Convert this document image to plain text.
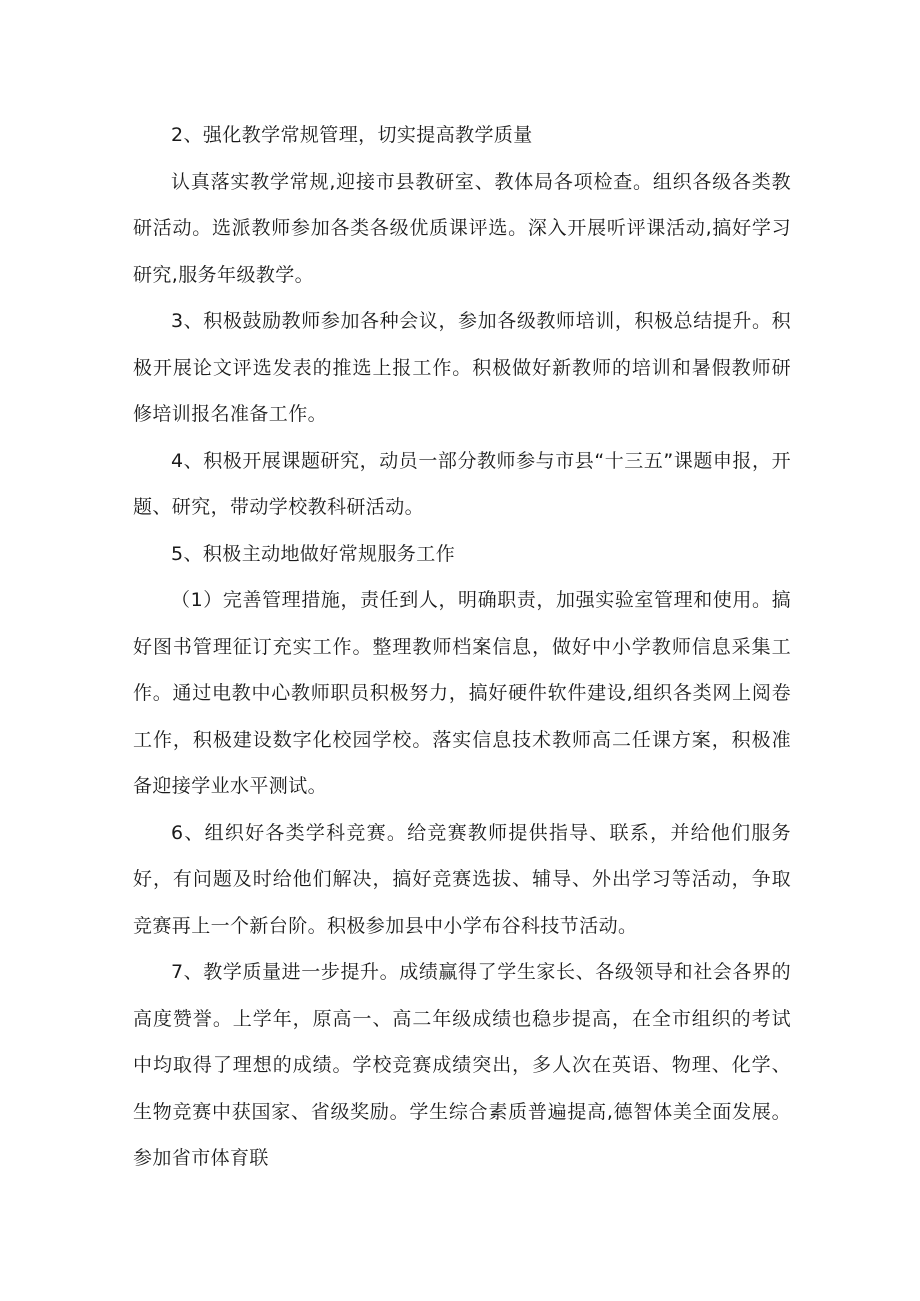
2、强化教学常规管理，切实提高教学质量

认真落实教学常规,迎接市县教研室、教体局各项检查。组织各级各类教研活动。选派教师参加各类各级优质课评选。深入开展听评课活动,搞好学习研究,服务年级教学。

3、积极鼓励教师参加各种会议，参加各级教师培训，积极总结提升。积极开展论文评选发表的推选上报工作。积极做好新教师的培训和暑假教师研修培训报名准备工作。

4、积极开展课题研究，动员一部分教师参与市县“十三五”课题申报，开题、研究，带动学校教科研活动。

5、积极主动地做好常规服务工作

（1）完善管理措施，责任到人，明确职责，加强实验室管理和使用。搞好图书管理征订充实工作。整理教师档案信息，做好中小学教师信息采集工作。通过电教中心教师职员积极努力，搞好硬件软件建设,组织各类网上阅卷工作，积极建设数字化校园学校。落实信息技术教师高二任课方案，积极准备迎接学业水平测试。

6、组织好各类学科竞赛。给竞赛教师提供指导、联系，并给他们服务好，有问题及时给他们解决，搞好竞赛选拔、辅导、外出学习等活动，争取竞赛再上一个新台阶。积极参加县中小学布谷科技节活动。

7、教学质量进一步提升。成绩赢得了学生家长、各级领导和社会各界的高度赞誉。上学年，原高一、高二年级成绩也稳步提高，在全市组织的考试中均取得了理想的成绩。学校竞赛成绩突出，多人次在英语、物理、化学、生物竞赛中获国家、省级奖励。学生综合素质普遍提高,德智体美全面发展。参加省市体育联
